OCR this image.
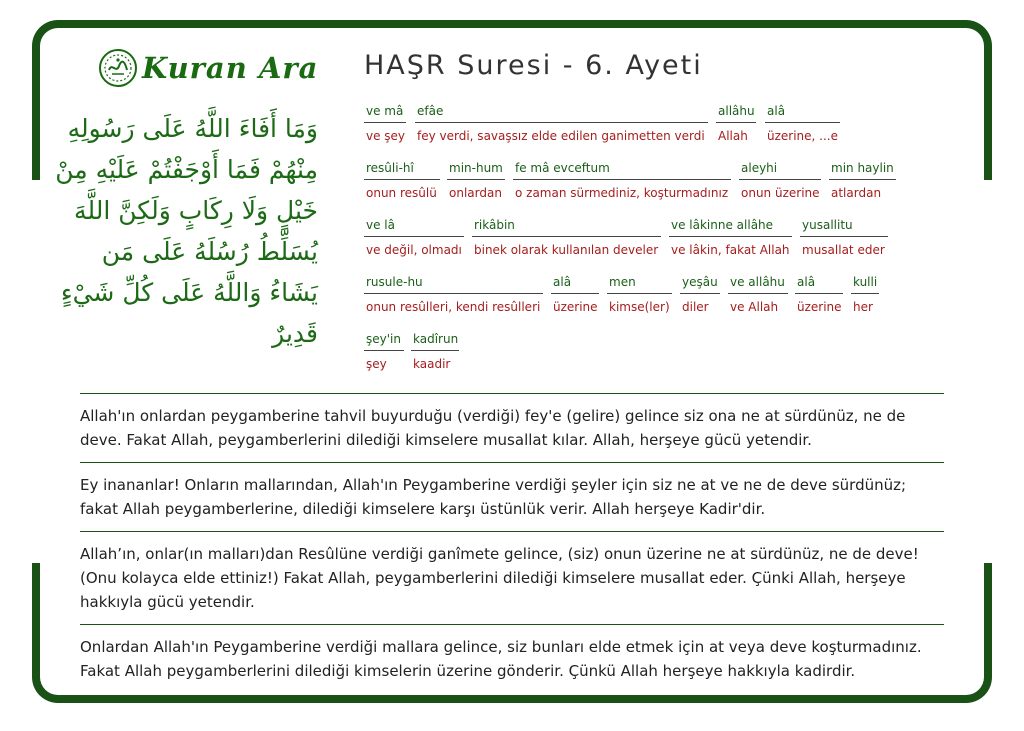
Kuran Ara
وَمَا أَفَاءَ اللَّهُ عَلَى رَسُولِهِ مِنْهُمْ فَمَا أَوْجَفْتُمْ عَلَيْهِ مِنْ خَيْلٍ وَلَا رِكَابٍ وَلَكِنَّ اللَّهَ يُسَلِّطُ رُسُلَهُ عَلَى مَن يَشَاءُ وَاللَّهُ عَلَى كُلِّ شَيْءٍ قَدِيرٌ
HAŞR Suresi - 6. Ayeti
ve mâ
ve şey
efâe
fey verdi, savaşsız elde edilen ganimetten verdi
allâhu
Allah
alâ
üzerine, ...e
resûli-hî
onun resûlü
min-hum
onlardan
fe mâ evceftum
o zaman sürmediniz, koşturmadınız
aleyhi
onun üzerine
min haylin
atlardan
ve lâ
ve değil, olmadı
rikâbin
binek olarak kullanılan develer
ve lâkinne allâhe
ve lâkin, fakat Allah
yusallitu
musallat eder
rusule-hu
onun resûlleri, kendi resûlleri
alâ
üzerine
men
kimse(ler)
yeşâu
diler
ve allâhu
ve Allah
alâ
üzerine
kulli
her
şey'in
şey
kadîrun
kaadir
Allah'ın onlardan peygamberine tahvil buyurduğu (verdiği) fey'e (gelire) gelince siz ona ne at sürdünüz, ne de deve. Fakat Allah, peygamberlerini dilediği kimselere musallat kılar. Allah, herşeye gücü yetendir.
Ey inananlar! Onların mallarından, Allah'ın Peygamberine verdiği şeyler için siz ne at ve ne de deve sürdünüz; fakat Allah peygamberlerine, dilediği kimselere karşı üstünlük verir. Allah herşeye Kadir'dir.
Allah’ın, onlar(ın malları)dan Resûlüne verdiği ganîmete gelince, (siz) onun üzerine ne at sürdünüz, ne de deve! (Onu kolayca elde ettiniz!) Fakat Allah, peygamberlerini dilediği kimselere musallat eder. Çünki Allah, herşeye hakkıyla gücü yetendir.
Onlardan Allah'ın Peygamberine verdiği mallara gelince, siz bunları elde etmek için at veya deve koşturmadınız. Fakat Allah peygamberlerini dilediği kimselerin üzerine gönderir. Çünkü Allah herşeye hakkıyla kadirdir.
